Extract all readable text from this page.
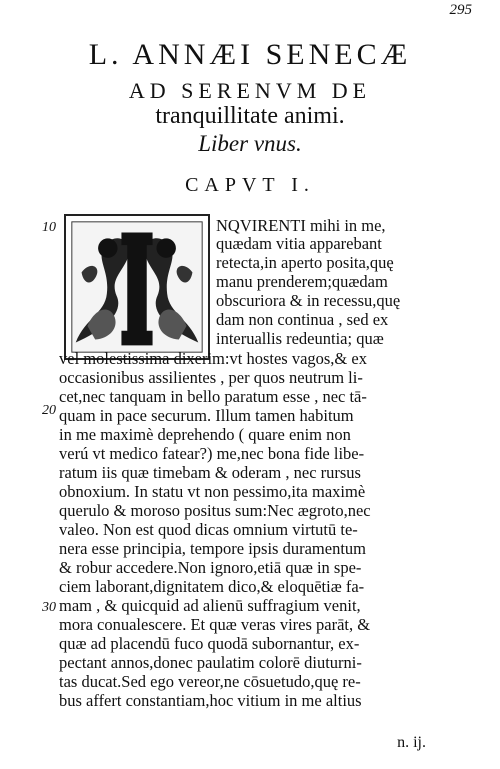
295
L. ANNÆI SENECÆ
AD SERENVM DE
tranquillitate animi.
Liber vnus.
CAPVT I.
10
20
30
NQVIRENTI mihi in me,
quædam vitia apparebant
retecta,in aperto posita,quę
manu prenderem;quædam
obscuriora & in recessu,quę
dam non continua , sed ex
interuallis redeuntia; quæ
vel molestissima dixerim:vt hostes vagos,& ex
occasionibus assilientes , per quos neutrum li-
cet,nec tanquam in bello paratum esse , nec tā-
quam in pace securum. Illum tamen habitum
in me maximè deprehendo ( quare enim non
verú vt medico fatear?) me,nec bona fide libe-
ratum iis quæ timebam & oderam , nec rursus
obnoxium. In statu vt non pessimo,ita maximè
querulo & moroso positus sum:Nec ægroto,nec
valeo. Non est quod dicas omnium virtutū te-
nera esse principia, tempore ipsis duramentum
& robur accedere.Non ignoro,etiā quæ in spe-
ciem laborant,dignitatem dico,& eloquētiæ fa-
mam , & quicquid ad alienū suffragium venit,
mora conualescere. Et quæ veras vires parāt, &
quæ ad placendū fuco quodā subornantur, ex-
pectant annos,donec paulatim colorē diuturni-
tas ducat.Sed ego vereor,ne cōsuetudo,quę re-
bus affert constantiam,hoc vitium in me altius
n. ij.
